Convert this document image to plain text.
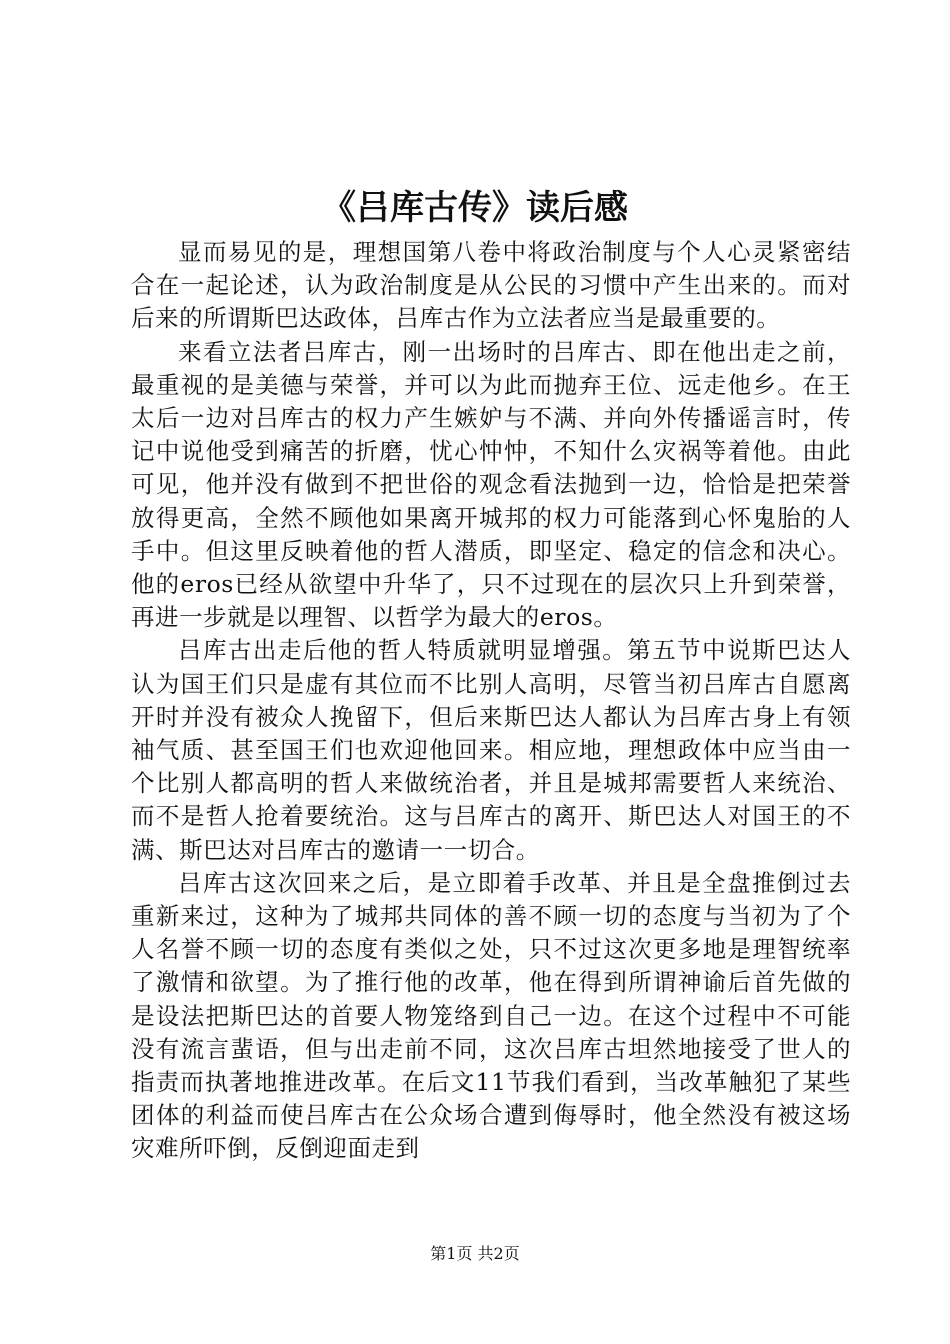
《吕库古传》读后感

显而易见的是，理想国第八卷中将政治制度与个人心灵紧密结合在一起论述，认为政治制度是从公民的习惯中产生出来的。而对后来的所谓斯巴达政体，吕库古作为立法者应当是最重要的。

来看立法者吕库古，刚一出场时的吕库古、即在他出走之前，最重视的是美德与荣誉，并可以为此而抛弃王位、远走他乡。在王太后一边对吕库古的权力产生嫉妒与不满、并向外传播谣言时，传记中说他受到痛苦的折磨，忧心忡忡，不知什么灾祸等着他。由此可见，他并没有做到不把世俗的观念看法抛到一边，恰恰是把荣誉放得更高，全然不顾他如果离开城邦的权力可能落到心怀鬼胎的人手中。但这里反映着他的哲人潜质，即坚定、稳定的信念和决心。他的eros已经从欲望中升华了，只不过现在的层次只上升到荣誉，再进一步就是以理智、以哲学为最大的eros。

吕库古出走后他的哲人特质就明显增强。第五节中说斯巴达人认为国王们只是虚有其位而不比别人高明，尽管当初吕库古自愿离开时并没有被众人挽留下，但后来斯巴达人都认为吕库古身上有领袖气质、甚至国王们也欢迎他回来。相应地，理想政体中应当由一个比别人都高明的哲人来做统治者，并且是城邦需要哲人来统治、而不是哲人抢着要统治。这与吕库古的离开、斯巴达人对国王的不满、斯巴达对吕库古的邀请一一切合。

吕库古这次回来之后，是立即着手改革、并且是全盘推倒过去重新来过，这种为了城邦共同体的善不顾一切的态度与当初为了个人名誉不顾一切的态度有类似之处，只不过这次更多地是理智统率了激情和欲望。为了推行他的改革，他在得到所谓神谕后首先做的是设法把斯巴达的首要人物笼络到自己一边。在这个过程中不可能没有流言蜚语，但与出走前不同，这次吕库古坦然地接受了世人的指责而执著地推进改革。在后文11节我们看到，当改革触犯了某些团体的利益而使吕库古在公众场合遭到侮辱时，他全然没有被这场灾难所吓倒，反倒迎面走到

第1页 共2页
